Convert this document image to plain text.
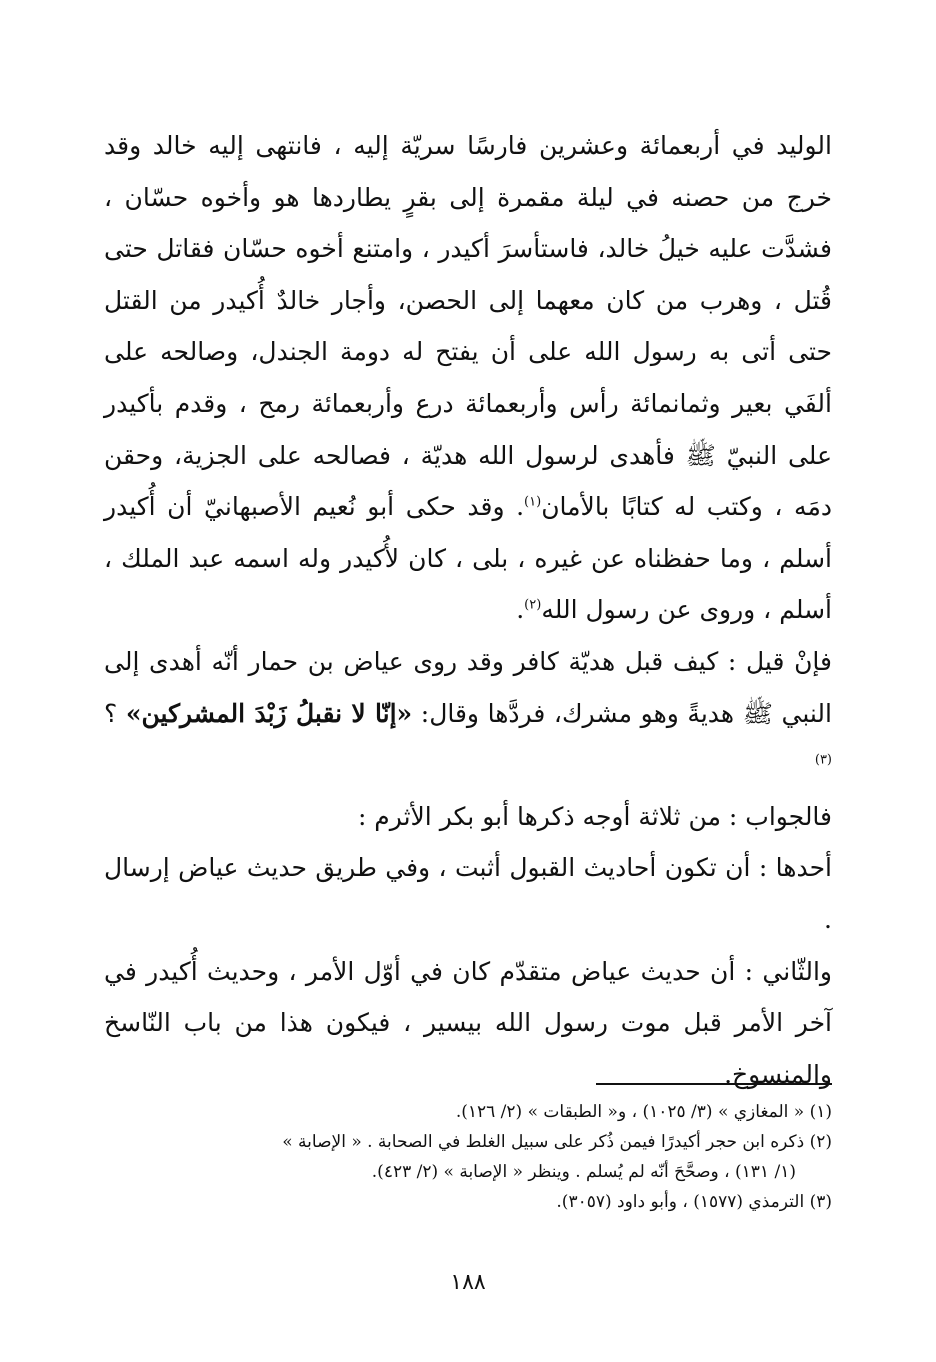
الوليد في أربعمائة وعشرين فارسًا سريّة إليه ، فانتهى إليه خالد وقد خرج من حصنه في ليلة مقمرة إلى بقرٍ يطاردها هو وأخوه حسّان ، فشدَّت عليه خيلُ خالد، فاستأسرَ أكيدر ، وامتنع أخوه حسّان فقاتل حتى قُتل ، وهرب من كان معهما إلى الحصن، وأجار خالدٌ أُكيدر من القتل حتى أتى به رسول الله على أن يفتح له دومة الجندل، وصالحه على ألفَي بعير وثمانمائة رأس وأربعمائة درع وأربعمائة رمح ، وقدم بأكيدر على النبيّ ﷺ فأهدى لرسول الله هديّة ، فصالحه على الجزية، وحقن دمَه ، وكتب له كتابًا بالأمان$^{(١)}$. وقد حكى أبو نُعيم الأصبهانيّ أن أُكيدر أسلم ، وما حفظناه عن غيره ، بلى ، كان لأُكيدر وله اسمه عبد الملك ، أسلم ، وروى عن رسول الله$^{(٢)}$.

فإنْ قيل : كيف قبل هديّة كافر وقد روى عياض بن حمار أنّه أهدى إلى النبي ﷺ هديةً وهو مشرك، فردَّها وقال: «إنّا لا نقبلُ زَبْدَ المشركين» ؟ $^{(٣)}$

فالجواب : من ثلاثة أوجه ذكرها أبو بكر الأثرم :

أحدها : أن تكون أحاديث القبول أثبت ، وفي طريق حديث عياض إرسال .

والثّاني : أن حديث عياض متقدّم كان في أوّل الأمر ، وحديث أُكيدر في آخر الأمر قبل موت رسول الله بيسير ، فيكون هذا من باب النّاسخ والمنسوخ.

(١) « المغازي » (٣/ ١٠٢٥) ، و« الطبقات » (٢/ ١٢٦).

(٢) ذكره ابن حجر أكيدرًا فيمن ذُكر على سبيل الغلط في الصحابة . « الإصابة »

(١/ ١٣١) ، وصحَّحَ أنّه لم يُسلم . وينظر « الإصابة » (٢/ ٤٢٣).

(٣) الترمذي (١٥٧٧) ، وأبو داود (٣٠٥٧).

١٨٨
